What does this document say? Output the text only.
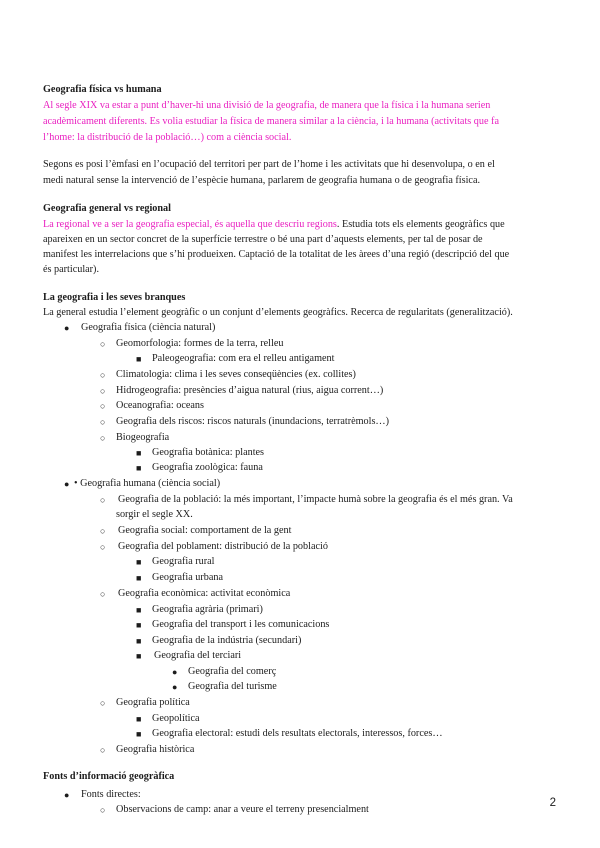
Geografia física vs humana
Al segle XIX va estar a punt d’haver-hi una divisió de la geografia, de manera que la física i la humana serien
acadèmicament diferents. Es volia estudiar la física de manera similar a la ciència, i la humana (activitats que fa
l’home: la distribució de la població…) com a ciència social.
Segons es posi l’èmfasi en l’ocupació del territori per part de l’home i les activitats que hi desenvolupa, o en el
medi natural sense la intervenció de l’espècie humana, parlarem de geografia humana o de geografia física.
Geografia general vs regional
La regional ve a ser la geografia especial, és aquella que descriu regions. Estudia tots els elements geogràfics que
apareixen en un sector concret de la superfície terrestre o bé una part d’aquests elements, per tal de posar de
manifest les interrelacions que s’hi produeixen. Captació de la totalitat de les àrees d’una regió (descripció del que
és particular).
La geografia i les seves branques
La general estudia l’element geogràfic o un conjunt d’elements geogràfics. Recerca de regularitats (generalització).
● Geografia física (ciència natural)
○ Geomorfologia: formes de la terra, relleu
■ Paleogeografia: com era el relleu antigament
○ Climatologia: clima i les seves conseqüències (ex. collites)
○ Hidrogeografia: presències d’aigua natural (rius, aigua corrent…)
○ Oceanografia: oceans
○ Geografia dels riscos: riscos naturals (inundacions, terratrèmols…)
○ Biogeografia
■ Geografia botànica: plantes
■ Geografia zoològica: fauna
● • Geografia humana (ciència social)
○ Geografia de la població: la més important, l’impacte humà sobre la geografia és el més gran. Va
sorgir el segle XX.
○ Geografia social: comportament de la gent
○ Geografia del poblament: distribució de la població
■ Geografia rural
■ Geografia urbana
○ Geografia econòmica: activitat econòmica
■ Geografia agrària (primari)
■ Geografia del transport i les comunicacions
■ Geografia de la indústria (secundari)
■ Geografia del terciari
● Geografia del comerç
● Geografia del turisme
○ Geografia política
■ Geopolítica
■ Geografia electoral: estudi dels resultats electorals, interessos, forces…
○ Geografia històrica
Fonts d’informació geogràfica
● Fonts directes:
○ Observacions de camp: anar a veure el terreny presencialment
2
